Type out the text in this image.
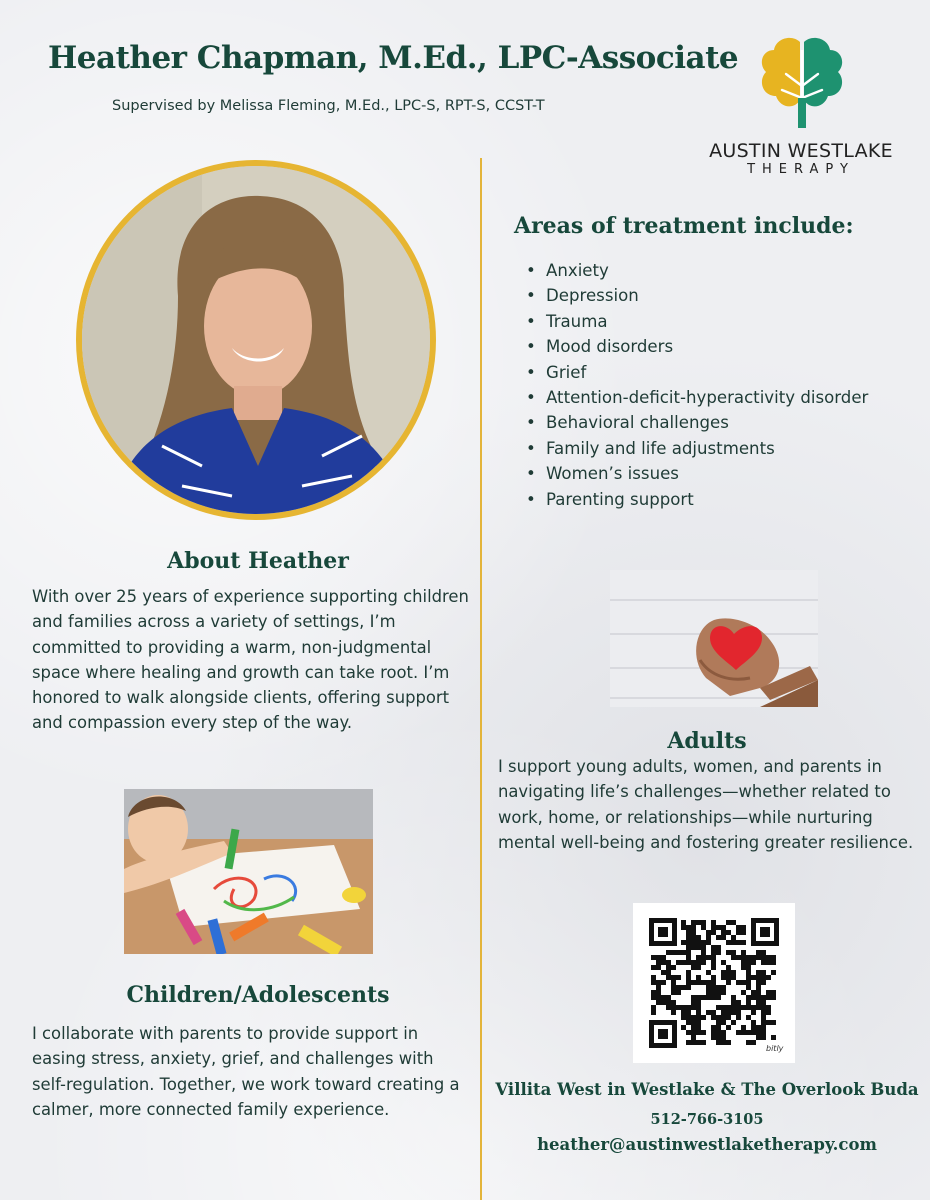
Heather Chapman, M.Ed., LPC-Associate
Supervised by Melissa Fleming, M.Ed., LPC-S, RPT-S, CCST-T
AUSTIN WESTLAKE
THERAPY
About Heather
With over 25 years of experience supporting children and families across a variety of settings, I’m committed to providing a warm, non-judgmental space where healing and growth can take root. I’m honored to walk alongside clients, offering support and compassion every step of the way.
Children/Adolescents
I collaborate with parents to provide support in easing stress, anxiety, grief, and challenges with self-regulation. Together, we work toward creating a calmer, more connected family experience.
Areas of treatment include:
• Anxiety
• Depression
• Trauma
• Mood disorders
• Grief
• Attention-deficit-hyperactivity disorder
• Behavioral challenges
• Family and life adjustments
• Women’s issues
• Parenting support
Adults
I support young adults, women, and parents in navigating life’s challenges—whether related to work, home, or relationships—while nurturing mental well-being and fostering greater resilience.
bitly
Villita West in Westlake & The Overlook Buda
512-766-3105
heather@austinwestlaketherapy.com
